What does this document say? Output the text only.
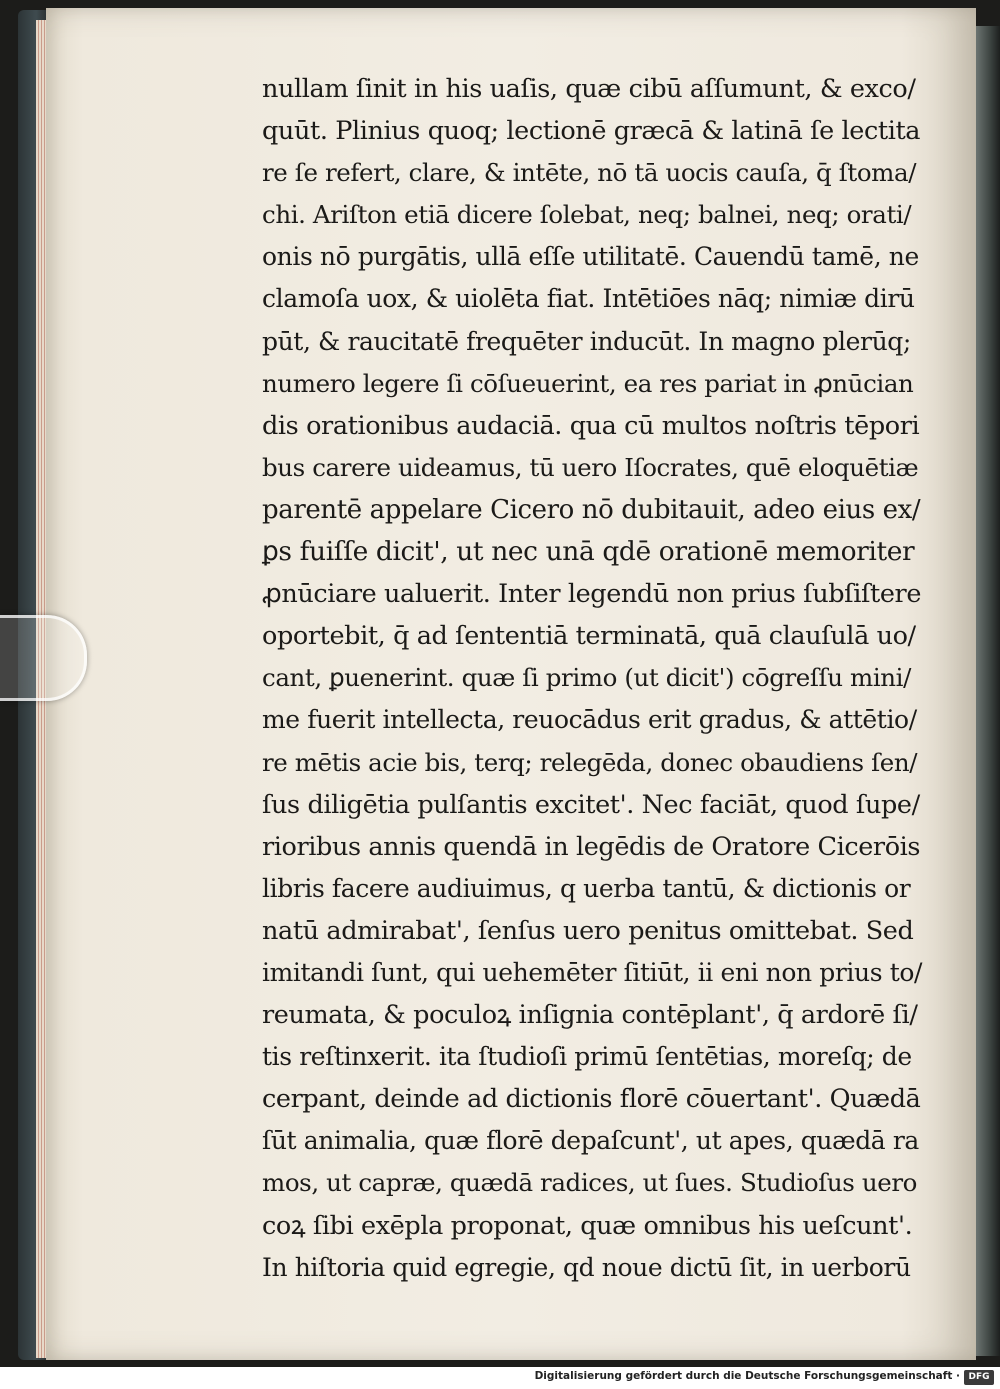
nullam ſinit in his uaſis, quæ cibū aſſumunt, & exco/
quūt. Plinius quoq; lectionē græcā & latinā ſe lectita
re ſe refert, clare, & intēte, nō tā uocis cauſa, q̄ ſtoma/
chi. Ariſton etiā dicere ſolebat, neq; balnei, neq; orati/
onis nō purgātis, ullā eſſe utilitatē. Cauendū tamē, ne
clamoſa uox, & uiolēta fiat. Intētiōes nāq; nimiæ dirū
pūt, & raucitatē frequēter inducūt. In magno plerūq;
numero legere ſi cōſueuerint, ea res pariat in ꝓnūcian
dis orationibus audaciā. qua cū multos noſtris tēpori
bus carere uideamus, tū uero Iſocrates, quē eloquētiæ
parentē appelare Cicero nō dubitauit, adeo eius ex/
ꝑs fuiſſe dicit', ut nec unā qdē orationē memoriter
ꝓnūciare ualuerit. Inter legendū non prius ſubſiſtere
oportebit, q̄ ad ſententiā terminatā, quā clauſulā uo/
cant, ꝑuenerint. quæ ſi primo (ut dicit') cōgreſſu mini/
me fuerit intellecta, reuocādus erit gradus, & attētio/
re mētis acie bis, terq; relegēda, donec obaudiens ſen/
ſus diligētia pulſantis excitet'. Nec faciāt, quod ſupe/
rioribus annis quendā in legēdis de Oratore Cicerōis
libris facere audiuimus, q uerba tantū, & dictionis or
natū admirabat', ſenſus uero penitus omittebat. Sed
imitandi ſunt, qui uehemēter ſitiūt, ii eni non prius to/
reumata, & poculoꝝ inſignia contēplant', q̄ ardorē ſi/
tis reſtinxerit. ita ſtudioſi primū ſentētias, moreſq; de
cerpant, deinde ad dictionis florē cōuertant'. Quædā
ſūt animalia, quæ florē depaſcunt', ut apes, quædā ra
mos, ut capræ, quædā radices, ut ſues. Studioſus uero
coꝝ ſibi exēpla proponat, quæ omnibus his ueſcunt'.
In hiſtoria quid egregie, qd noue dictū ſit, in uerborū
Digitalisierung gefördert durch die Deutsche Forschungsgemeinschaft · DFG
